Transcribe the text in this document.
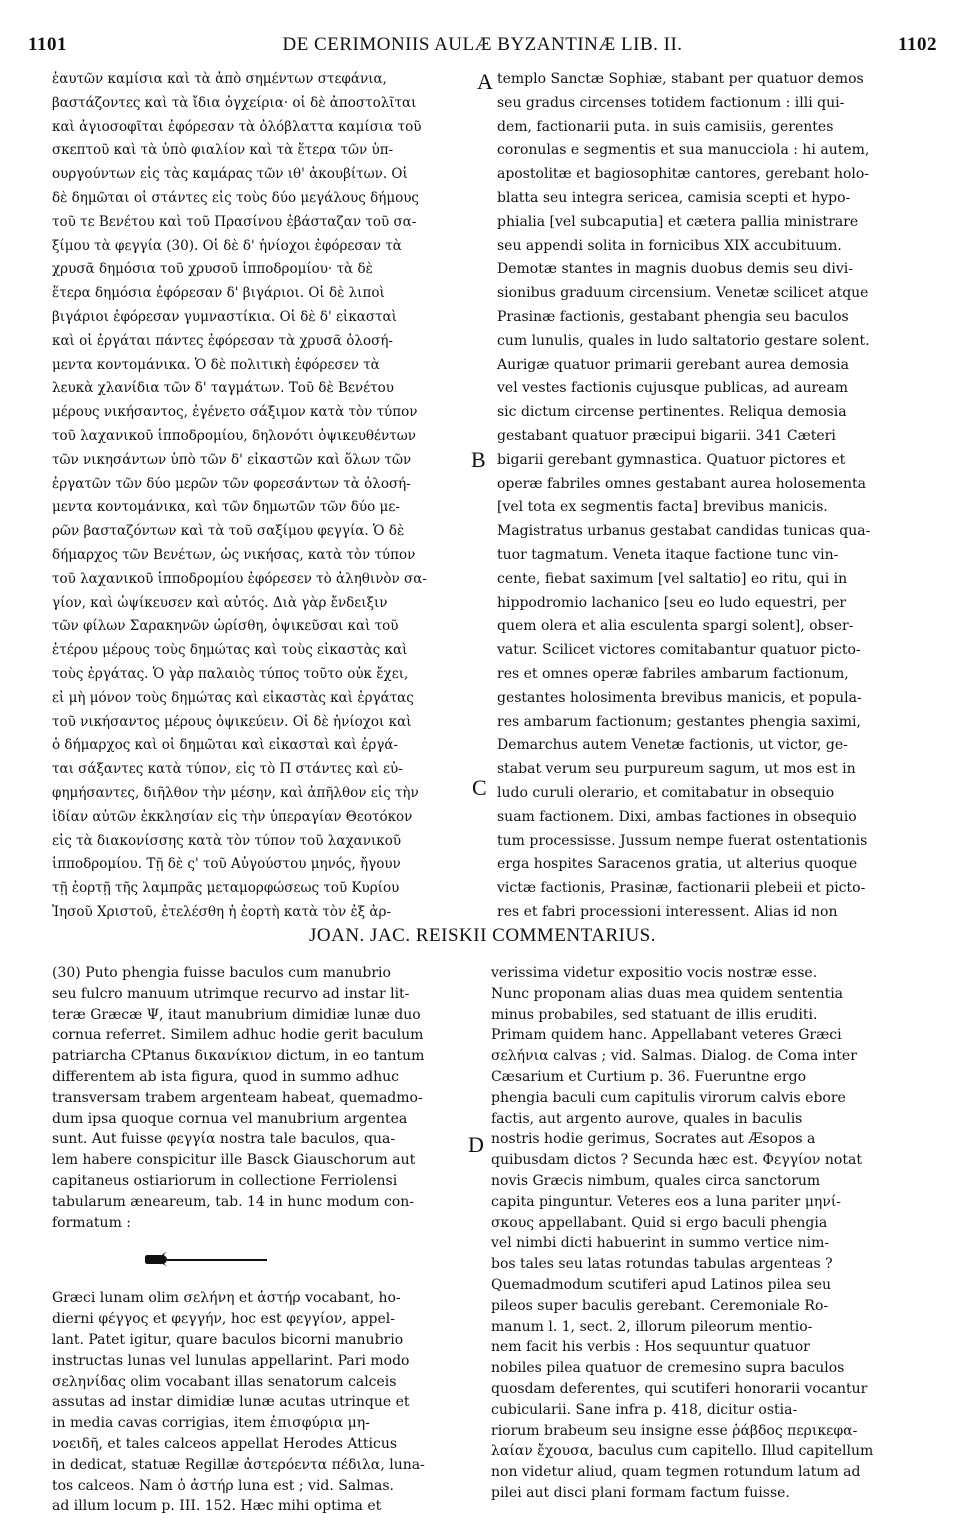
1101	DE CERIMONIIS AULÆ BYZANTINÆ LIB. II.	1102
A
B
C
D
ἑαυτῶν καμίσια καὶ τὰ ἀπὸ σημέντων στεφάνια,
βαστάζοντες καὶ τὰ ἴδια ὀγχείρια· οἱ δὲ ἀποστολῖται
καὶ ἁγιοσοφῖται ἐφόρεσαν τὰ ὀλόβλαττα καμίσια τοῦ
σκεπτοῦ καὶ τὰ ὑπὸ φιαλίον καὶ τὰ ἕτερα τῶν ὑπ-
ουργούντων εἰς τὰς καμάρας τῶν ιθ' ἀκουβίτων. Οἱ
δὲ δημῶται οἱ στάντες εἰς τοὺς δύο μεγάλους δήμους
τοῦ τε Βενέτου καὶ τοῦ Πρασίνου ἐβάσταζαν τοῦ σα-
ξίμου τὰ φεγγία (30). Οἱ δὲ δ' ἡνίοχοι ἐφόρεσαν τὰ
χρυσᾶ δημόσια τοῦ χρυσοῦ ἱπποδρομίου· τὰ δὲ
ἕτερα δημόσια ἐφόρεσαν δ' βιγάριοι. Οἱ δὲ λιποὶ
βιγάριοι ἐφόρεσαν γυμναστίκια. Οἱ δὲ δ' εἰκασταὶ
καὶ οἱ ἐργάται πάντες ἐφόρεσαν τὰ χρυσᾶ ὁλοσή-
μεντα κοντομάνικα. Ὁ δὲ πολιτικὴ ἐφόρεσεν τὰ
λευκὰ χλανίδια τῶν δ' ταγμάτων. Τοῦ δὲ Βενέτου
μέρους νικήσαντος, ἐγένετο σάξιμον κατὰ τὸν τύπον
τοῦ λαχανικοῦ ἱπποδρομίου, δηλονότι ὀψικευθέντων
τῶν νικησάντων ὑπὸ τῶν δ' εἰκαστῶν καὶ ὅλων τῶν
ἐργατῶν τῶν δύο μερῶν τῶν φορεσάντων τὰ ὁλοσή-
μεντα κοντομάνικα, καὶ τῶν δημωτῶν τῶν δύο με-
ρῶν βασταζόντων καὶ τὰ τοῦ σαξίμου φεγγία. Ὁ δὲ
δήμαρχος τῶν Βενέτων, ὡς νικήσας, κατὰ τὸν τύπον
τοῦ λαχανικοῦ ἱπποδρομίου ἐφόρεσεν τὸ ἀληθινὸν σα-
γίον, καὶ ὠψίκευσεν καὶ αὐτός. Διὰ γὰρ ἔνδειξιν
τῶν φίλων Σαρακηνῶν ὡρίσθη, ὀψικεῦσαι καὶ τοῦ
ἑτέρου μέρους τοὺς δημώτας καὶ τοὺς εἰκαστὰς καὶ
τοὺς ἐργάτας. Ὁ γὰρ παλαιὸς τύπος τοῦτο οὐκ ἔχει,
εἰ μὴ μόνον τοὺς δημώτας καὶ εἰκαστὰς καὶ ἐργάτας
τοῦ νικήσαντος μέρους ὀψικεύειν. Οἱ δὲ ἡνίοχοι καὶ
ὁ δήμαρχος καὶ οἱ δημῶται καὶ εἰκασταὶ καὶ ἐργά-
ται σάξαντες κατὰ τύπον, εἰς τὸ Π στάντες καὶ εὐ-
φημήσαντες, διῆλθον τὴν μέσην, καὶ ἀπῆλθον εἰς τὴν
ἰδίαν αὐτῶν ἐκκλησίαν εἰς τὴν ὑπεραγίαν Θεοτόκον
εἰς τὰ διακονίσσης κατὰ τὸν τύπον τοῦ λαχανικοῦ
ἱπποδρομίου. Τῇ δὲ ς' τοῦ Αὐγούστου μηνός, ἤγουν
τῇ ἑορτῇ τῆς λαμπρᾶς μεταμορφώσεως τοῦ Κυρίου
Ἰησοῦ Χριστοῦ, ἐτελέσθη ἡ ἑορτὴ κατὰ τὸν ἐξ ἀρ-
templo Sanctæ Sophiæ, stabant per quatuor demos
seu gradus circenses totidem factionum : illi qui-
dem, factionarii puta. in suis camisiis, gerentes
coronulas e segmentis et sua manucciola : hi autem,
apostolitæ et bagiosophitæ cantores, gerebant holo-
blatta seu integra sericea, camisia scepti et hypo-
phialia [vel subcaputia] et cætera pallia ministrare
seu appendi solita in fornicibus XIX accubituum.
Demotæ stantes in magnis duobus demis seu divi-
sionibus graduum circensium. Venetæ scilicet atque
Prasinæ factionis, gestabant phengia seu baculos
cum lunulis, quales in ludo saltatorio gestare solent.
Aurigæ quatuor primarii gerebant aurea demosia
vel vestes factionis cujusque publicas, ad auream
sic dictum circense pertinentes. Reliqua demosia
gestabant quatuor præcipui bigarii. 341 Cæteri
bigarii gerebant gymnastica. Quatuor pictores et
operæ fabriles omnes gestabant aurea holosementa
[vel tota ex segmentis facta] brevibus manicis.
Magistratus urbanus gestabat candidas tunicas qua-
tuor tagmatum. Veneta itaque factione tunc vin-
cente, fiebat saximum [vel saltatio] eo ritu, qui in
hippodromio lachanico [seu eo ludo equestri, per
quem olera et alia esculenta spargi solent], obser-
vatur. Scilicet victores comitabantur quatuor picto-
res et omnes operæ fabriles ambarum factionum,
gestantes holosimenta brevibus manicis, et popula-
res ambarum factionum; gestantes phengia saximi,
Demarchus autem Venetæ factionis, ut victor, ge-
stabat verum seu purpureum sagum, ut mos est in
ludo curuli olerario, et comitabatur in obsequio
suam factionem. Dixi, ambas factiones in obsequio
tum processisse. Jussum nempe fuerat ostentationis
erga hospites Saracenos gratia, ut alterius quoque
victæ factionis, Prasinæ, factionarii plebeii et picto-
res et fabri processioni interessent. Alias id non
JOAN. JAC. REISKII COMMENTARIUS.
(30) Puto phengia fuisse baculos cum manubrio
seu fulcro manuum utrimque recurvo ad instar lit-
teræ Græcæ Ψ, itaut manubrium dimidiæ lunæ duo
cornua referret. Similem adhuc hodie gerit baculum
patriarcha CPtanus δικανίκιον dictum, in eo tantum
differentem ab ista figura, quod in summo adhuc
transversam trabem argenteam habeat, quemadmo-
dum ipsa quoque cornua vel manubrium argentea
sunt. Aut fuisse φεγγία nostra tale baculos, qua-
lem habere conspicitur ille Basck Giauschorum aut
capitaneus ostiariorum in collectione Ferriolensi
tabularum æneareum, tab. 14 in hunc modum con-
formatum :
Græci lunam olim σελήνη et ἀστήρ vocabant, ho-
dierni φέγγος et φεγγήν, hoc est φεγγίον, appel-
lant. Patet igitur, quare baculos bicorni manubrio
instructas lunas vel lunulas appellarint. Pari modo
σεληνίδας olim vocabant illas senatorum calceis
assutas ad instar dimidiæ lunæ acutas utrinque et
in media cavas corrigias, item ἐπισφύρια μη-
νοειδῆ, et tales calceos appellat Herodes Atticus
in dedicat, statuæ Regillæ ἀστερόεντα πέδιλα, luna-
tos calceos. Nam ὁ ἀστήρ luna est ; vid. Salmas.
ad illum locum p. III. 152. Hæc mihi optima et
verissima videtur expositio vocis nostræ esse.
Nunc proponam alias duas mea quidem sententia
minus probabiles, sed statuant de illis eruditi.
Primam quidem hanc. Appellabant veteres Græci
σελήνια calvas ; vid. Salmas. Dialog. de Coma inter
Cæsarium et Curtium p. 36. Fueruntne ergo
phengia baculi cum capitulis virorum calvis ebore
factis, aut argento aurove, quales in baculis
nostris hodie gerimus, Socrates aut Æsopos a
quibusdam dictos ? Secunda hæc est. Φεγγίον notat
novis Græcis nimbum, quales circa sanctorum
capita pinguntur. Veteres eos a luna pariter μηνί-
σκους appellabant. Quid si ergo baculi phengia
vel nimbi dicti habuerint in summo vertice nim-
bos tales seu latas rotundas tabulas argenteas ?
Quemadmodum scutiferi apud Latinos pilea seu
pileos super baculis gerebant. Ceremoniale Ro-
manum l. 1, sect. 2, illorum pileorum mentio-
nem facit his verbis : Hos sequuntur quatuor
nobiles pilea quatuor de cremesino supra baculos
quosdam deferentes, qui scutiferi honorarii vocantur
cubicularii. Sane infra p. 418, dicitur ostia-
riorum brabeum seu insigne esse ῥάβδος περικεφα-
λαίαν ἔχουσα, baculus cum capitello. Illud capitellum
non videtur aliud, quam tegmen rotundum latum ad
pilei aut disci plani formam factum fuisse.
